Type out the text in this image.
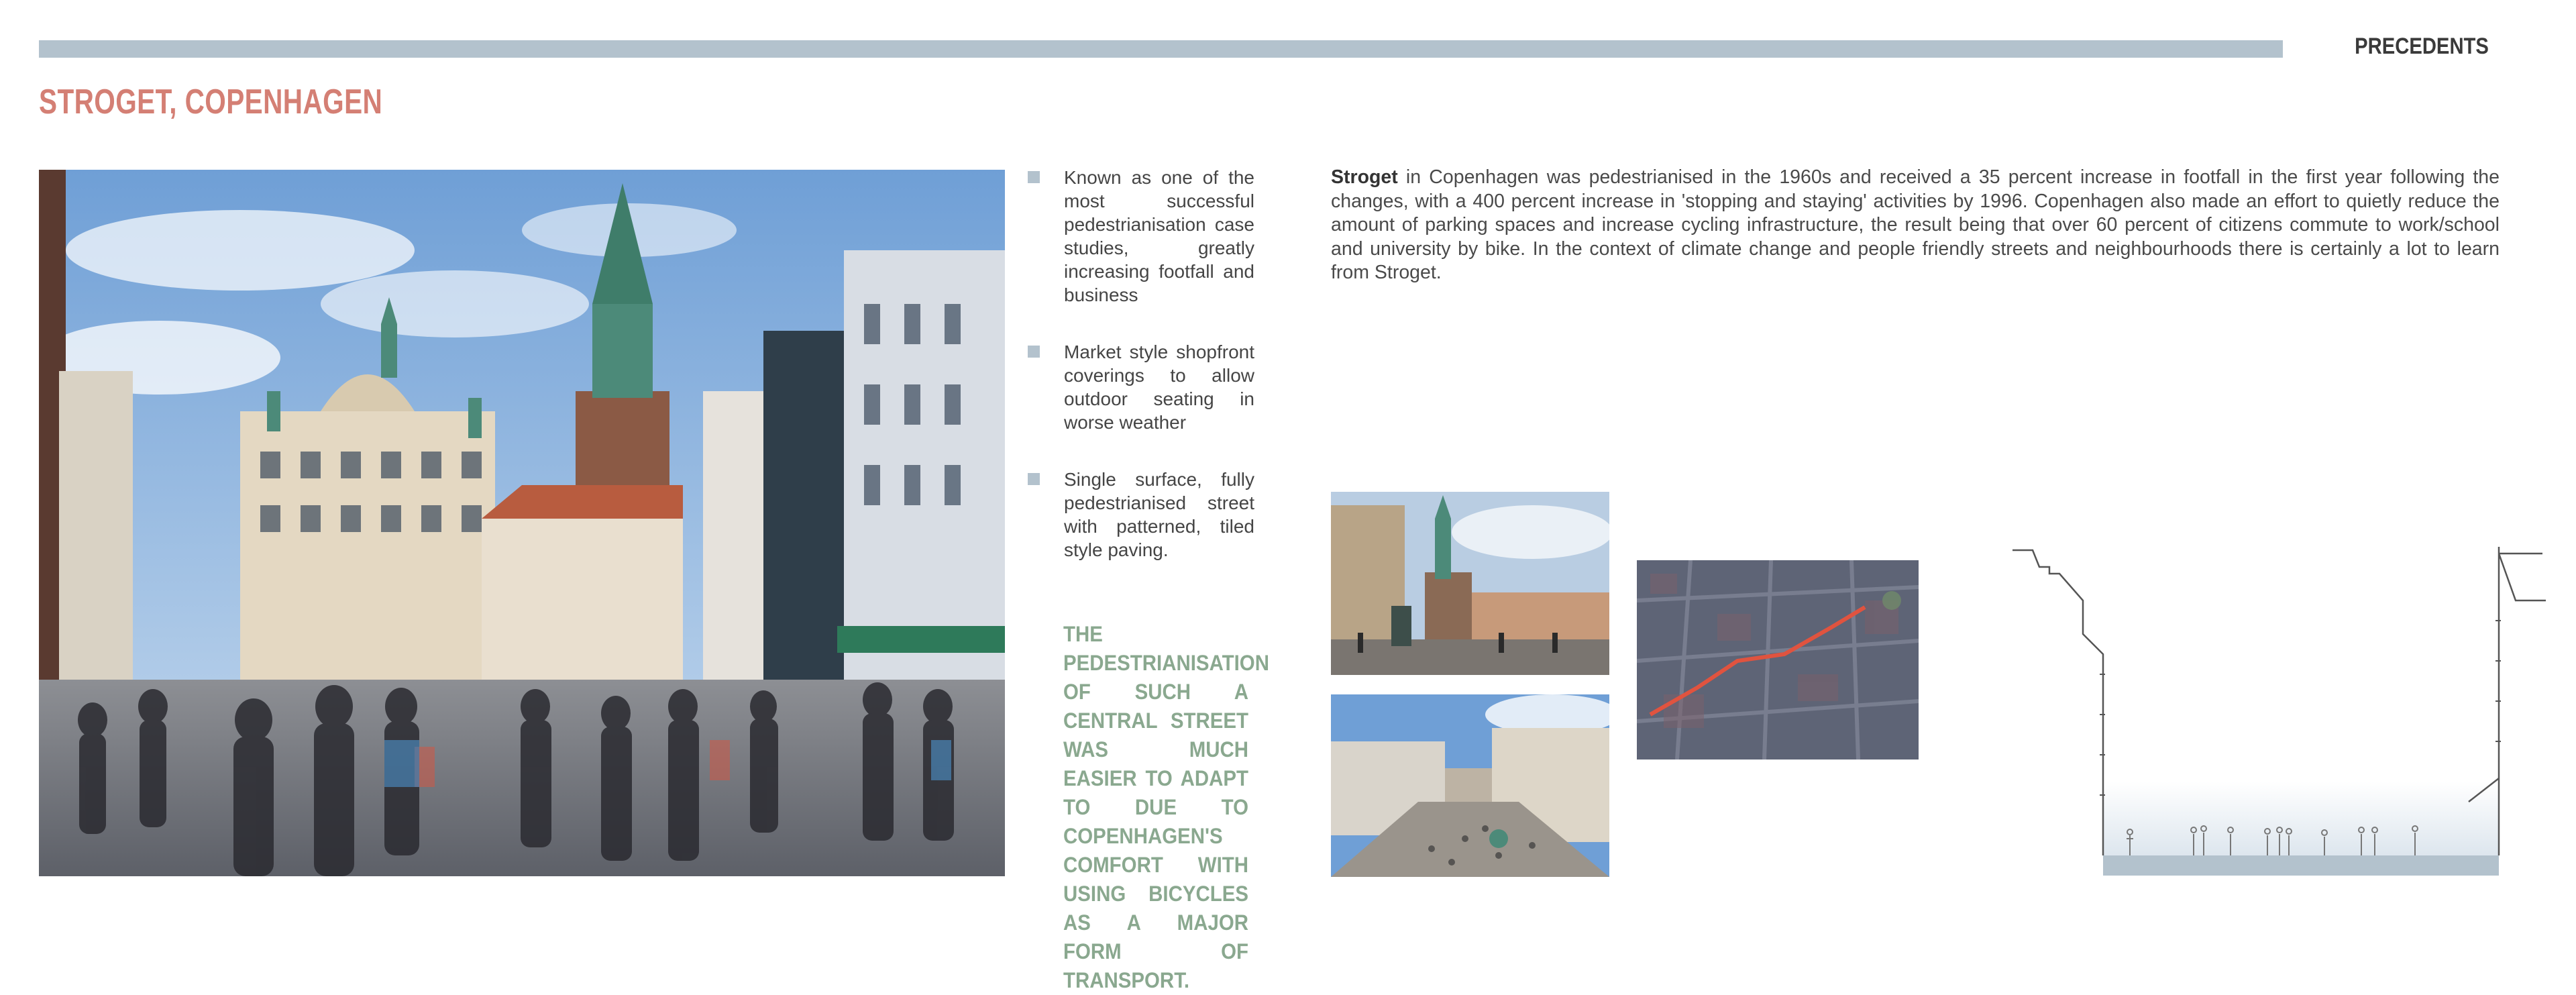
PRECEDENTS
STROGET, COPENHAGEN
Known as one of the most successful pedestrianisation case studies, greatly increasing footfall and business
Market style shopfront coverings to allow outdoor seating in worse weather
Single surface, fully pedestrianised street with patterned, tiled style paving.
THE PEDESTRIANISATION OF SUCH A CENTRAL STREET WAS MUCH EASIER TO ADAPT TO DUE TO COPENHAGEN'S COMFORT WITH USING BICYCLES AS A MAJOR FORM OF TRANSPORT.
Stroget in Copenhagen was pedestrianised in the 1960s and received a 35 percent increase in footfall in the first year following the changes, with a 400 percent increase in 'stopping and staying' activities by 1996. Copenhagen also made an effort to quietly reduce the amount of parking spaces and increase cycling infrastructure, the result being that over 60 percent of citizens commute to work/school and university by bike. In the context of climate change and people friendly streets and neighbourhoods there is certainly a lot to learn from Stroget.
